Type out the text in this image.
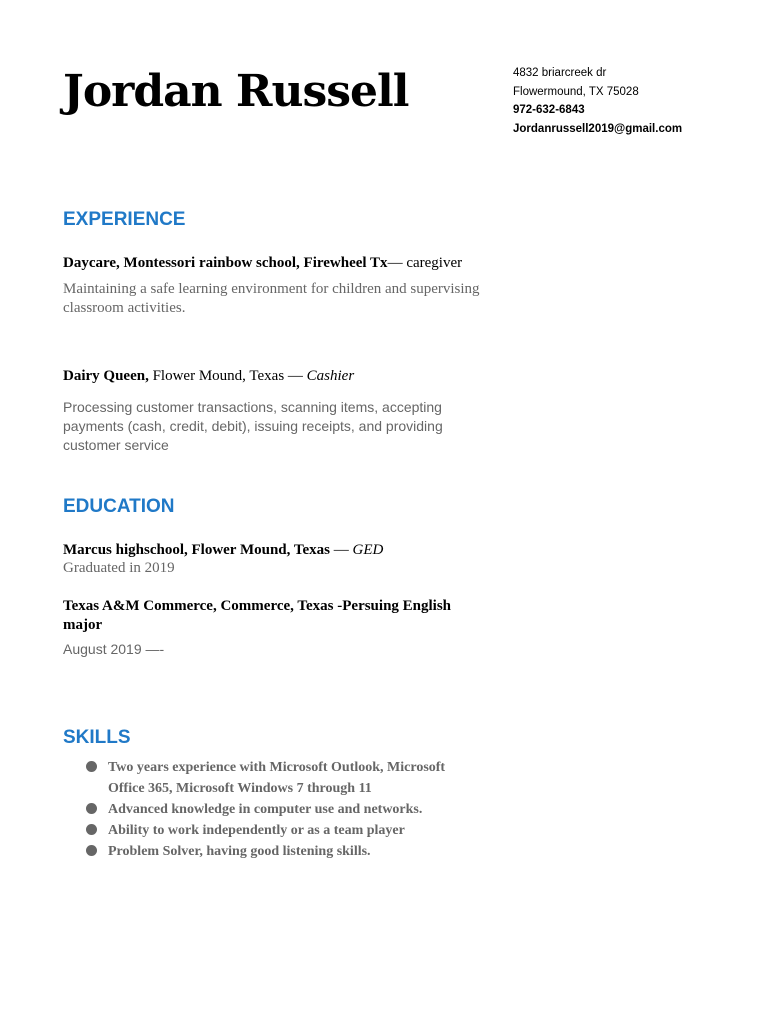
Jordan Russell	4832 briarcreek dr
Flowermound, TX 75028
972-632-6843
Jordanrussell2019@gmail.com
EXPERIENCE
Daycare, Montessori rainbow school, Firewheel Tx— caregiver
Maintaining a safe learning environment for children and supervising classroom activities.
Dairy Queen, Flower Mound, Texas — Cashier
Processing customer transactions, scanning items, accepting payments (cash, credit, debit), issuing receipts, and providing customer service
EDUCATION
Marcus highschool, Flower Mound, Texas — GED
Graduated in 2019
Texas A&M Commerce, Commerce, Texas -Persuing English major
August 2019 —-
SKILLS
Two years experience with Microsoft Outlook, Microsoft Office 365, Microsoft Windows 7 through 11
Advanced knowledge in computer use and networks.
Ability to work independently or as a team player
Problem Solver, having good listening skills.
